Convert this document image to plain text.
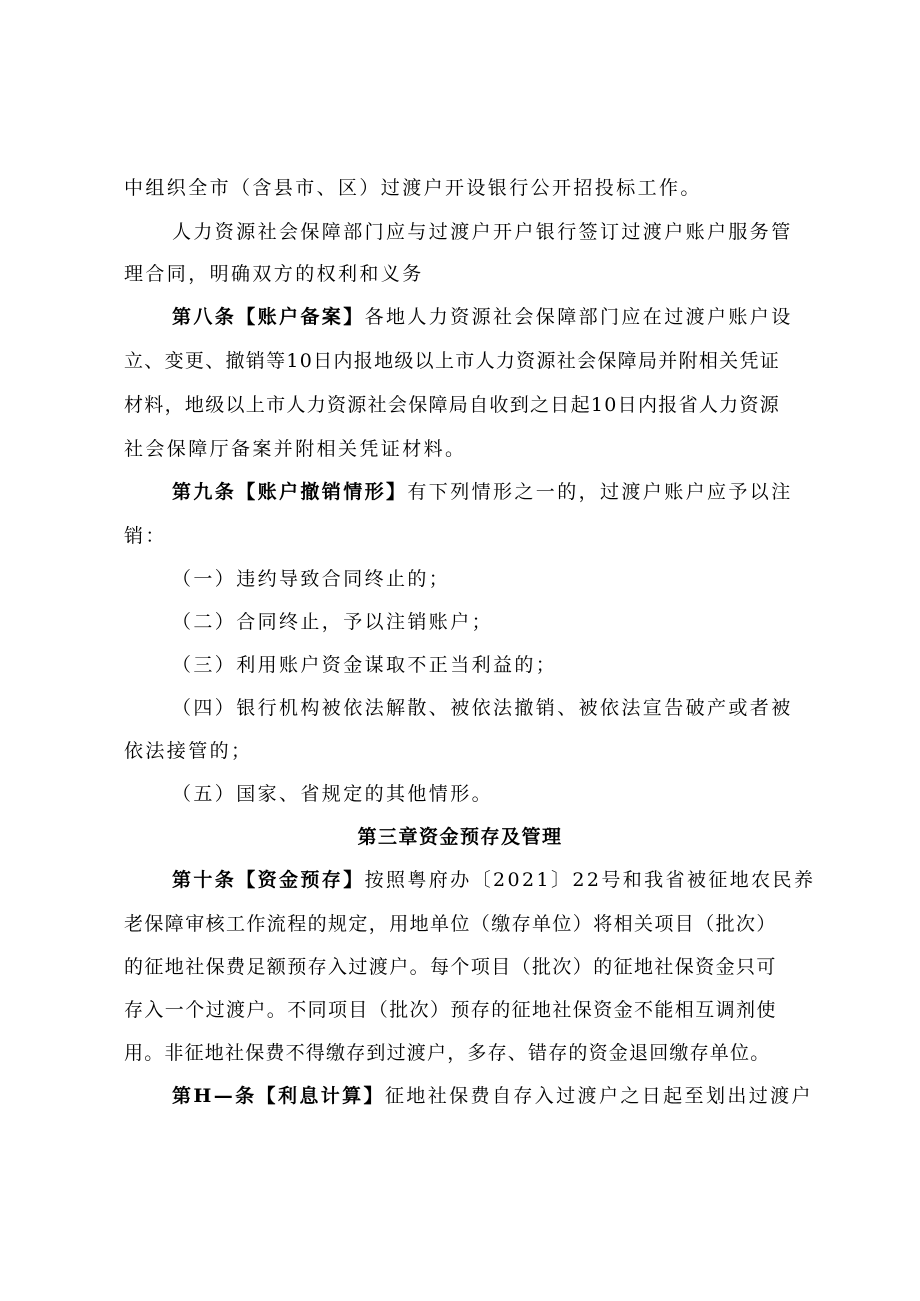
中组织全市（含县市、区）过渡户开设银行公开招投标工作。
人力资源社会保障部门应与过渡户开户银行签订过渡户账户服务管
理合同，明确双方的权利和义务
第八条【账户备案】各地人力资源社会保障部门应在过渡户账户设
立、变更、撤销等10日内报地级以上市人力资源社会保障局并附相关凭证
材料，地级以上市人力资源社会保障局自收到之日起10日内报省人力资源
社会保障厅备案并附相关凭证材料。
第九条【账户撤销情形】有下列情形之一的，过渡户账户应予以注
销：
（一）违约导致合同终止的；
（二）合同终止，予以注销账户；
（三）利用账户资金谋取不正当利益的；
（四）银行机构被依法解散、被依法撤销、被依法宣告破产或者被
依法接管的；
（五）国家、省规定的其他情形。
第三章资金预存及管理
第十条【资金预存】按照粤府办〔2021〕22号和我省被征地农民养
老保障审核工作流程的规定，用地单位（缴存单位）将相关项目（批次）
的征地社保费足额预存入过渡户。每个项目（批次）的征地社保资金只可
存入一个过渡户。不同项目（批次）预存的征地社保资金不能相互调剂使
用。非征地社保费不得缴存到过渡户，多存、错存的资金退回缴存单位。
第H—条【利息计算】征地社保费自存入过渡户之日起至划出过渡户
